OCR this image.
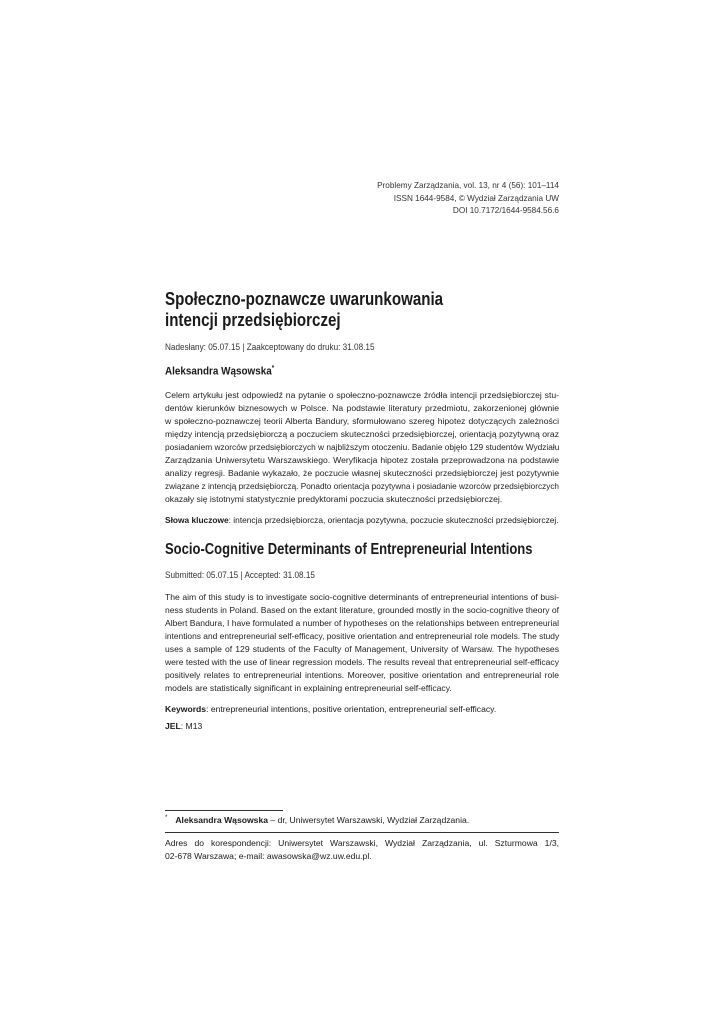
Problemy Zarządzania, vol. 13, nr 4 (56): 101–114
ISSN 1644-9584, © Wydział Zarządzania UW
DOI 10.7172/1644-9584.56.6
Społeczno-poznawcze uwarunkowania
intencji przedsiębiorczej
Nadesłany: 05.07.15 | Zaakceptowany do druku: 31.08.15
Aleksandra Wąsowska*
Celem artykułu jest odpowiedź na pytanie o społeczno-poznawcze źródła intencji przedsiębiorczej stu-
dentów kierunków biznesowych w Polsce. Na podstawie literatury przedmiotu, zakorzenionej głównie
w społeczno-poznawczej teorii Alberta Bandury, sformułowano szereg hipotez dotyczących zależności
między intencją przedsiębiorczą a poczuciem skuteczności przedsiębiorczej, orientacją pozytywną oraz
posiadaniem wzorców przedsiębiorczych w najbliższym otoczeniu. Badanie objęło 129 studentów Wydziału
Zarządzania Uniwersytetu Warszawskiego. Weryfikacja hipotez została przeprowadzona na podstawie
analizy regresji. Badanie wykazało, że poczucie własnej skuteczności przedsiębiorczej jest pozytywnie
związane z intencją przedsiębiorczą. Ponadto orientacja pozytywna i posiadanie wzorców przedsiębiorczych
okazały się istotnymi statystycznie predyktorami poczucia skuteczności przedsiębiorczej.
Słowa kluczowe: intencja przedsiębiorcza, orientacja pozytywna, poczucie skuteczności przedsiębiorczej.
Socio-Cognitive Determinants of Entrepreneurial Intentions
Submitted: 05.07.15 | Accepted: 31.08.15
The aim of this study is to investigate socio-cognitive determinants of entrepreneurial intentions of busi-
ness students in Poland. Based on the extant literature, grounded mostly in the socio-cognitive theory of
Albert Bandura, I have formulated a number of hypotheses on the relationships between entrepreneurial
intentions and entrepreneurial self-efficacy, positive orientation and entrepreneurial role models. The study
uses a sample of 129 students of the Faculty of Management, University of Warsaw. The hypotheses
were tested with the use of linear regression models. The results reveal that entrepreneurial self-efficacy
positively relates to entrepreneurial intentions. Moreover, positive orientation and entrepreneurial role
models are statistically significant in explaining entrepreneurial self-efficacy.
Keywords: entrepreneurial intentions, positive orientation, entrepreneurial self-efficacy.
JEL: M13
* Aleksandra Wąsowska – dr, Uniwersytet Warszawski, Wydział Zarządzania.
Adres do korespondencji: Uniwersytet Warszawski, Wydział Zarządzania, ul. Szturmowa 1/3,
02-678 Warszawa; e-mail: awasowska@wz.uw.edu.pl.
